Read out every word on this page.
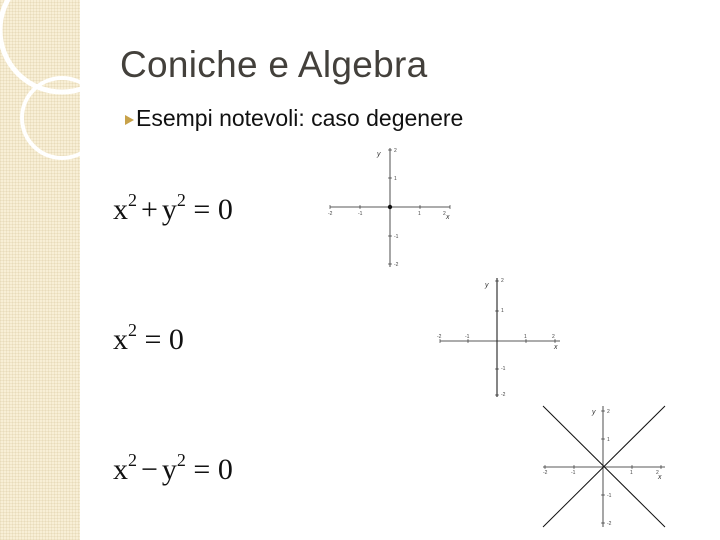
Coniche e Algebra
Esempi notevoli: caso degenere
$x^2 + y^2 = 0$
$x^2 = 0$
$x^2 - y^2 = 0$
-2	-1	1	2
2
1
-1
-2
x
y
-2	-1	1	2
2
1
-1
-2
x
y
-2	-1	1	2
2
1
-1
-2
x
y
